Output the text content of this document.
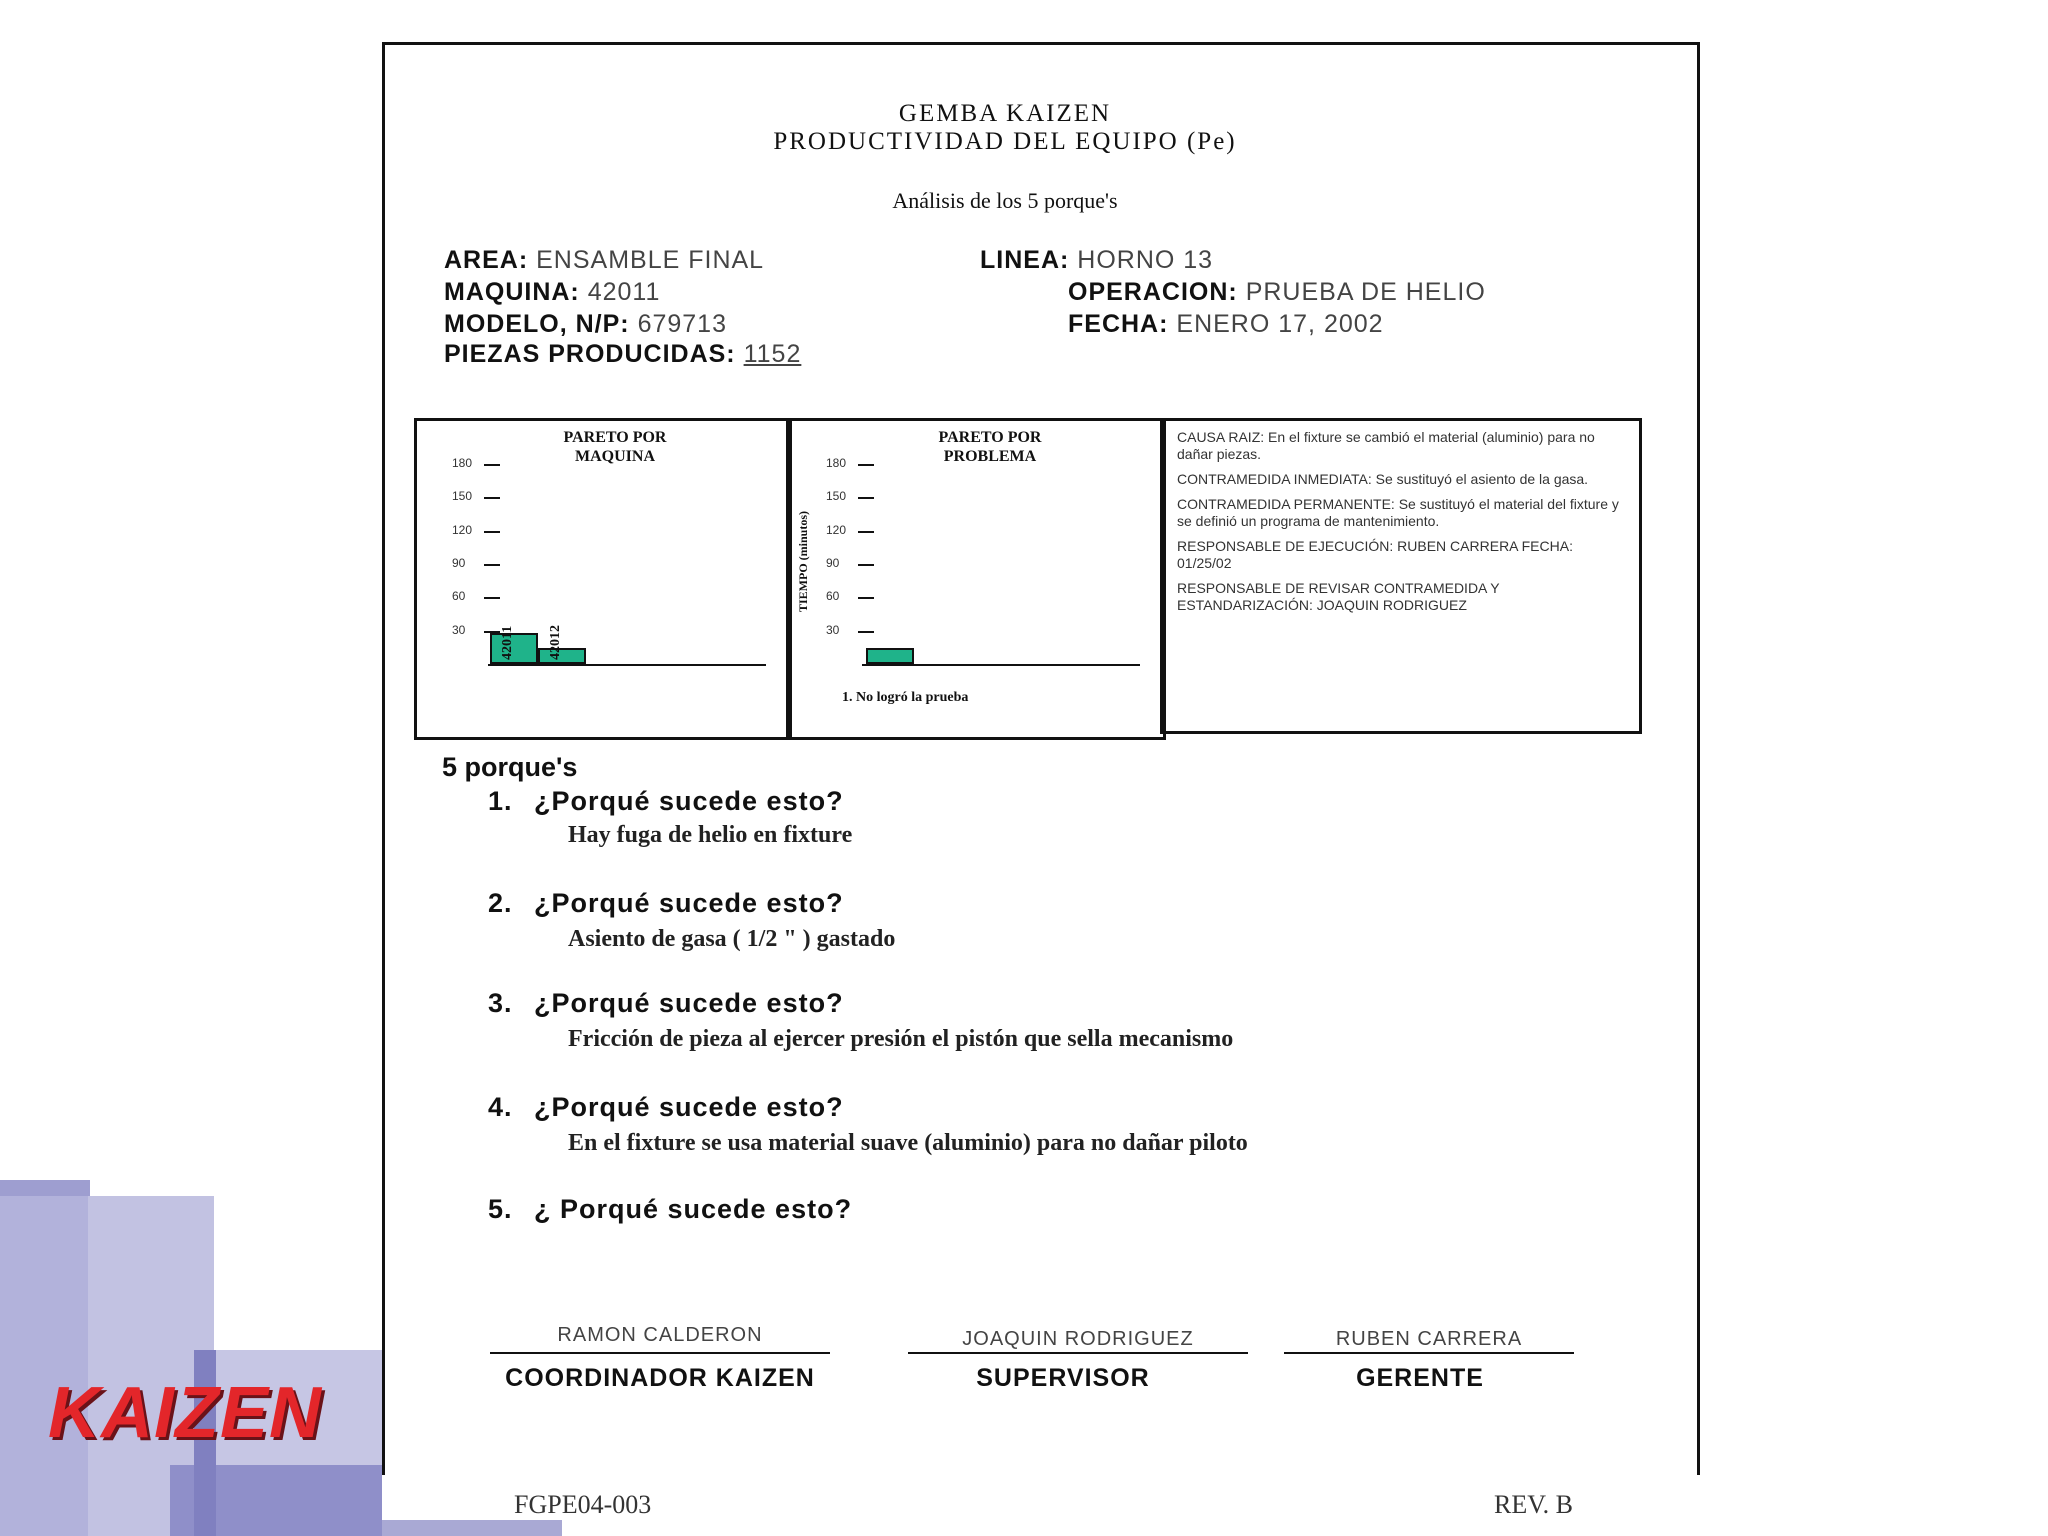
KAIZEN
GEMBA KAIZEN
PRODUCTIVIDAD DEL EQUIPO (Pe)
Análisis de los 5 porque's
AREA: ENSAMBLE FINAL	LINEA: HORNO 13
MAQUINA: 42011	OPERACION: PRUEBA DE HELIO
MODELO, N/P: 679713	FECHA: ENERO 17, 2002
PIEZAS PRODUCIDAS: 1152
PARETO POR MAQUINA
180
150
120
90
60
30 42011 42012
PARETO POR PROBLEMA
TIEMPO (minutos)
180
150
120
90
60
30
1. No logró la prueba

CAUSA RAIZ: En el fixture se cambió el material (aluminio) para no dañar piezas.

CONTRAMEDIDA INMEDIATA: Se sustituyó el asiento de la gasa.

CONTRAMEDIDA PERMANENTE: Se sustituyó el material del fixture y se definió un programa de mantenimiento.

RESPONSABLE DE EJECUCIÓN: RUBEN CARRERA FECHA: 01/25/02

RESPONSABLE DE REVISAR CONTRAMEDIDA Y ESTANDARIZACIÓN: JOAQUIN RODRIGUEZ

5 porque's
1. ¿Porqué sucede esto?
Hay fuga de helio en fixture
2. ¿Porqué sucede esto?
Asiento de gasa ( 1/2 " ) gastado
3. ¿Porqué sucede esto?
Fricción de pieza al ejercer presión el pistón que sella mecanismo
4. ¿Porqué sucede esto?
En el fixture se usa material suave (aluminio) para no dañar piloto
5. ¿ Porqué sucede esto?
RAMON CALDERON
COORDINADOR KAIZEN
JOAQUIN RODRIGUEZ
SUPERVISOR
RUBEN CARRERA
GERENTE
FGPE04-003	REV. B
